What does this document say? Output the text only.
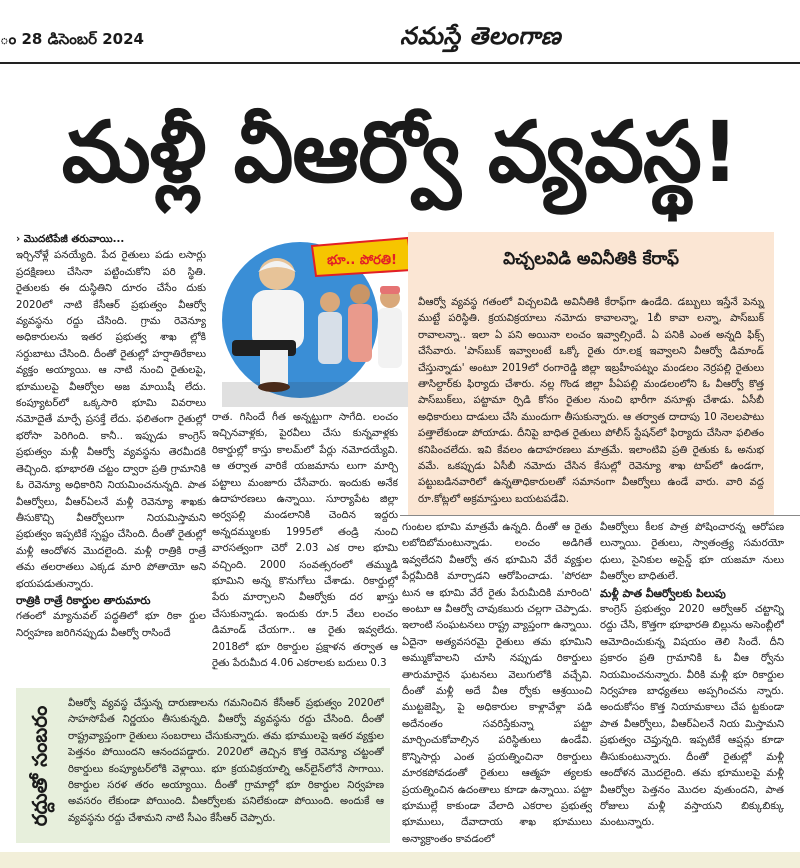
ం 28 డిసెంబర్ 2024	నమస్తే తెలంగాణ
మళ్లీ వీఆర్వో వ్యవస్థ!

› మొదటిపేజీ తరువాయి...

ఇర్చినోళ్లే పనయ్యేది. పేద రైతులు పడు లసార్లు ప్రదక్షిణలు చేసినా పట్టించుకోని పరి స్థితి. రైతులకు ఈ దుస్థితిని దూరం చేసేం దుకు 2020లో నాటి కేసీఆర్ ప్రభుత్వం వీఆర్వో వ్యవస్థను రద్దు చేసింది. గ్రామ రెవెన్యూ అధికారులను ఇతర ప్రభుత్వ శాఖ ల్లోకి సర్దుబాటు చేసింది. దీంతో రైతుల్లో హర్షాతిరేకాలు వ్యక్తం అయ్యాయి. ఆ నాటి నుంచి రైతులపై, భూములపై వీఆర్వోల అజ మాయిషీ లేదు. కంప్యూటర్‌లో ఒక్కసారి భూమి వివరాలు నమోదైతే మార్పే ప్రసక్తే లేదు. ఫలితంగా రైతుల్లో భరోసా పెరిగింది. కానీ.. ఇప్పుడు కాంగ్రెస్ ప్రభుత్వం మళ్లీ వీఆర్వో వ్యవస్థను తెరమీదకి తెచ్చింది. భూభారతి చట్టం ద్వారా ప్రతి గ్రామానికి ఓ రెవెన్యూ అధికారిని నియమించనున్నది. పాత వీఆర్వోలు, వీఆర్ఏలనే మళ్లీ రెవెన్యూ శాఖకు తీసుకొచ్చి వీఆర్వోలుగా నియమిస్తామని ప్రభుత్వం ఇప్పటికే స్పష్టం చేసింది. దీంతో రైతుల్లో మళ్లీ ఆందోళన మొదలైంది. మళ్లీ రాత్రికి రాత్రే తమ తలరాతలు ఎక్కడ మారి పోతాయో అని భయపడుతున్నారు.

రాత్రికి రాత్రే రికార్డుల తారుమారు

గతంలో మ్యానువల్ పద్ధతిలో భూ రికా ర్డుల నిర్వహణ జరిగినప్పుడు వీఆర్వో రాసిందే

భూ.. పోరతి!

రాత. గిసిందే గీత అన్నట్టుగా సాగేది. లంచం ఇచ్చినవాళ్లకు, పైరవీలు చేసు కున్నవాళ్లకు రికార్డుల్లో కాస్తు కాలమ్‌లో పేర్లు నమోదయ్యేవి. ఆ తర్వాత వారికే యజమాను లుగా మార్చి పట్టాలు మంజూరు చేసేవారు. ఇందుకు అనేక ఉదాహరణలు ఉన్నాయి. సూర్యాపేట జిల్లా అర్వపల్లి మండలానికి చెందిన ఇద్దరు అన్నదమ్ములకు 1995లో తండ్రి నుంచి వారసత్వంగా చెరో 2.03 ఎక రాల భూమి వచ్చింది. 2000 సంవత్సరంలో తమ్ముడి భూమిని అన్న కొనుగోలు చేశాడు. రికార్డుల్లో పేరు మార్చాలని వీఆర్వోకు దర ఖాస్తు చేసుకున్నాడు. ఇందుకు రూ.5 వేలు లంచం డిమాండ్ చేయగా.. ఆ రైతు ఇవ్వలేదు. 2018లో భూ రికార్డుల ప్రక్షాళన తర్వాత ఆ రైతు పేరుమీద 4.06 ఎకరాలకు బదులు 0.3

విచ్చలవిడి అవినీతికి కేరాఫ్
వీఆర్వో వ్యవస్థ గతంలో విచ్చలవిడి అవినీతికి కేరాఫ్‌గా ఉండేది. డబ్బులు ఇస్తేనే పెన్ను ముట్టే పరిస్థితి. క్రయవిక్రయాలు నమోదు కావాలన్నా, 1బీ కావా లన్నా, పాస్‌బుక్ రావాలన్నా.. ఇలా ఏ పని అయినా లంచం ఇవ్వాల్సిందే. ఏ పనికి ఎంత అన్నది ఫిక్స్ చేసేవారు. 'పాస్‌బుక్ ఇవ్వాలంటే ఒక్కో రైతు రూ.లక్ష ఇవ్వాలని వీఆర్వో డిమాండ్ చేస్తున్నాడు' అంటూ 2019లో రంగారెడ్డి జిల్లా ఇబ్రహీంపట్నం మండలం నెర్రపల్లి రైతులు తాసిల్దార్‌కు ఫిర్యాదు చేశారు. నల్ల గొండ జిల్లా పీఏపల్లి మండలంలోని ఓ వీఆర్వో కొత్త పాస్‌బుక్‌లు, పట్టామా ర్పిడి కోసం రైతుల నుంచి భారీగా వసూళ్లు చేశాడు. ఏసీబీ అధికారులు దాడులు చేసి ముందుగా తీసుకున్నారు. ఆ తర్వాత దాదాపు 10 నెలలపాటు పత్తాలేకుండా పోయాడు. దీనిపై బాధిత రైతులు పోలీస్ స్టేషన్‌లో ఫిర్యాదు చేసినా ఫలితం కనిపించలేదు. ఇవి కేవలం ఉదాహరణలు మాత్రమే. ఇలాంటివి ప్రతి రైతుకు ఓ అనుభ వమే. ఒకప్పుడు ఏసీబీ నమోదు చేసిన కేసుల్లో రెవెన్యూ శాఖ టాప్‌లో ఉండగా, పట్టుబడినవారిలో ఉన్నతాధికారులతో సమానంగా వీఆర్వోలు ఉండే వారు. వారి వద్ద రూ.కోట్లలో అక్రమాస్తులు బయటపడేవి.

గుంటల భూమి మాత్రమే ఉన్నది. దీంతో ఆ రైతు లబోదిబోమంటున్నాడు. లంచం అడిగితే ఇవ్వలేదని వీఆర్వో తన భూమిని వేరే వ్యక్తుల పేర్లమీదికి మార్చాడని ఆరోపించాడు. 'పోరటా టున ఆ భూమి వేరే రైతు పేరుమీదికి మారింది' అంటూ ఆ వీఆర్వో చావుకబురు చల్లగా చెప్పాడు. ఇలాంటి సంఘటనలు రాష్ట్ర వ్యాప్తంగా ఉన్నాయి. ఏదైనా అత్యవసరమై రైతులు తమ భూమిని అమ్ముకోవాలని చూసి నప్పుడు రికార్డులు తారుమారైన ఘటనలు వెలుగులోకి వచ్చేవి. దీంతో మళ్లీ అదే వీఆ ర్వోకు ఆశ్రయించి ముట్టజెప్పి, పై అధికారుల కాళ్లావేళ్లా పడి అదేనంతం సవరిస్తేకున్నా పట్టా మార్చించుకోవాల్సిన పరిస్థితులు ఉండేవి. కొన్నిసార్లు ఎంత ప్రయత్నించినా రికార్డులు మారకపోవడంతో రైతులు ఆత్మహ త్యలకు ప్రయత్నించిన ఉదంతాలు కూడా ఉన్నాయి. పట్టా భూముల్లే కాకుండా వేలాది ఎకరాల ప్రభుత్వ భూములు, దేవాదాయ శాఖ భూములు అన్యాక్రాంతం కావడంలో

వీఆర్వోలు కీలక పాత్ర పోషించారన్న ఆరోపణ లున్నాయి. రైతులు, స్వాతంత్ర్య సమరయో ధులు, సైనికుల అసైన్డ్ భూ యజమా నులు వీఆర్వోల బాధితులే.

మళ్లీ పాత వీఆర్వోలకు పిలుపు

కాంగ్రెస్ ప్రభుత్వం 2020 ఆర్వోఆర్ చట్టాన్ని రద్దు చేసి, కొత్తగా భూభారతి బిల్లును అసెంబ్లీలో ఆమోదించుకున్న విషయం తెలి సిందే. దీని ప్రకారం ప్రతి గ్రామానికి ఓ వీఆ ర్వోను నియమించనున్నారు. వీరికి మళ్లీ భూ రికార్డుల నిర్వహణ బాధ్యతలు అప్పగించను న్నారు. అందుకోసం కొత్త నియామకాలు చేప ట్టకుండా పాత వీఆర్వోలు, వీఆర్ఏలనే నియ మిస్తామని ప్రభుత్వం చెప్తున్నది. ఇప్పటికే ఆప్షన్లు కూడా తీసుకుంటున్నారు. దీంతో రైతుల్లో మళ్లీ ఆందోళన మొదలైంది. తమ భూములపై మళ్లీ వీఆర్వోల పెత్తనం మొదల వుతుందని, పాత రోజులు మళ్లీ వస్తాయని బిక్కుబిక్కు మంటున్నారు.

రద్దుతో సంబరం
వీఆర్వో వ్యవస్థ చేస్తున్న దారుణాలను గమనించిన కేసీఆర్ ప్రభుత్వం 2020లో సాహసోపేత నిర్ణయం తీసుకున్నది. వీఆర్వో వ్యవస్థను రద్దు చేసింది. దీంతో రాష్ట్రవ్యాప్తంగా రైతులు సంబరాలు చేసుకున్నారు. తమ భూములపై ఇతర వ్యక్తుల పెత్తనం పోయిందని ఆనందపడ్డారు. 2020లో తెచ్చిన కొత్త రెవెన్యూ చట్టంతో రికార్డులు కంప్యూటర్‌లోకి వెళ్లాయి. భూ క్రయవిక్రయాల్ని ఆన్‌లైన్‌లోనే సాగాయి. రికార్డుల సరళ తరం అయ్యాయి. దీంతో గ్రామాల్లో భూ రికార్డుల నిర్వహణ అవసరం లేకుండా పోయింది. వీఆర్వోలకు పనిలేకుండా పోయింది. అందుకే ఆ వ్యవస్థను రద్దు చేశామని నాటి సీఎం కేసీఆర్ చెప్పారు.
